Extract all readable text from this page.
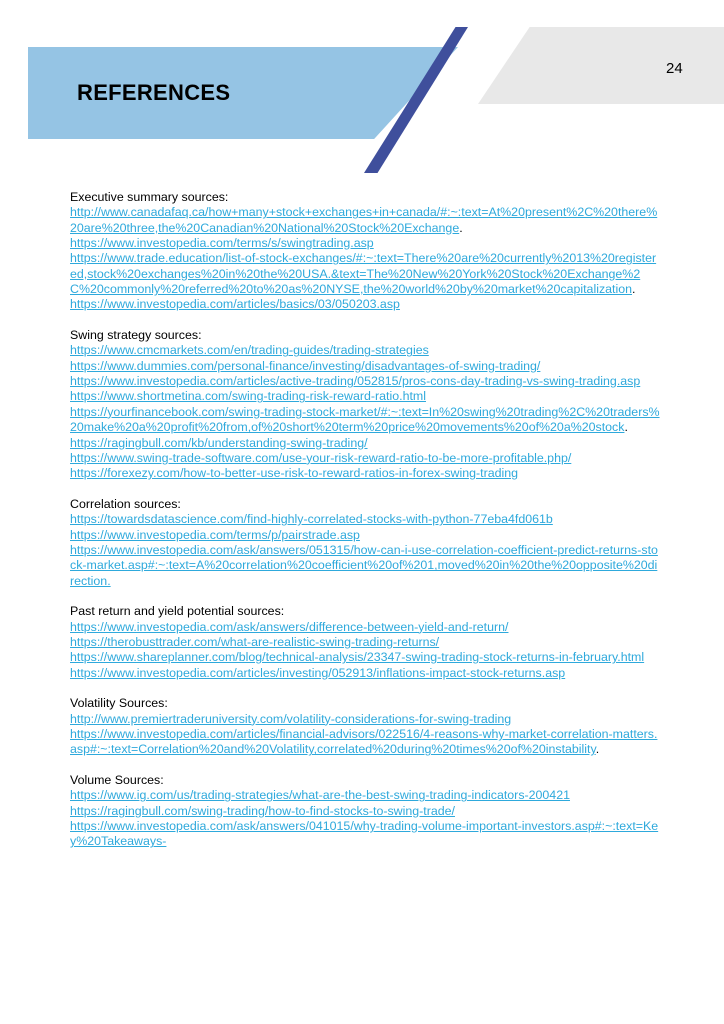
REFERENCES
24
Executive summary sources:
http://www.canadafaq.ca/how+many+stock+exchanges+in+canada/#:~:text=At%20present%2C%20there%20are%20three,the%20Canadian%20National%20Stock%20Exchange.
https://www.investopedia.com/terms/s/swingtrading.asp
https://www.trade.education/list-of-stock-exchanges/#:~:text=There%20are%20currently%2013%20registered,stock%20exchanges%20in%20the%20USA.&text=The%20New%20York%20Stock%20Exchange%2C%20commonly%20referred%20to%20as%20NYSE,the%20world%20by%20market%20capitalization.
https://www.investopedia.com/articles/basics/03/050203.asp
Swing strategy sources:
https://www.cmcmarkets.com/en/trading-guides/trading-strategies
https://www.dummies.com/personal-finance/investing/disadvantages-of-swing-trading/
https://www.investopedia.com/articles/active-trading/052815/pros-cons-day-trading-vs-swing-trading.asp
https://www.shortmetina.com/swing-trading-risk-reward-ratio.html
https://yourfinancebook.com/swing-trading-stock-market/#:~:text=In%20swing%20trading%2C%20traders%20make%20a%20profit%20from,of%20short%20term%20price%20movements%20of%20a%20stock.
https://ragingbull.com/kb/understanding-swing-trading/
https://www.swing-trade-software.com/use-your-risk-reward-ratio-to-be-more-profitable.php/
https://forexezy.com/how-to-better-use-risk-to-reward-ratios-in-forex-swing-trading
Correlation sources:
https://towardsdatascience.com/find-highly-correlated-stocks-with-python-77eba4fd061b
https://www.investopedia.com/terms/p/pairstrade.asp
https://www.investopedia.com/ask/answers/051315/how-can-i-use-correlation-coefficient-predict-returns-stock-market.asp#:~:text=A%20correlation%20coefficient%20of%201,moved%20in%20the%20opposite%20direction.
Past return and yield potential sources:
https://www.investopedia.com/ask/answers/difference-between-yield-and-return/
https://therobusttrader.com/what-are-realistic-swing-trading-returns/
https://www.shareplanner.com/blog/technical-analysis/23347-swing-trading-stock-returns-in-february.html
https://www.investopedia.com/articles/investing/052913/inflations-impact-stock-returns.asp
Volatility Sources:
http://www.premiertraderuniversity.com/volatility-considerations-for-swing-trading
https://www.investopedia.com/articles/financial-advisors/022516/4-reasons-why-market-correlation-matters.asp#:~:text=Correlation%20and%20Volatility,correlated%20during%20times%20of%20instability.
Volume Sources:
https://www.ig.com/us/trading-strategies/what-are-the-best-swing-trading-indicators-200421
https://ragingbull.com/swing-trading/how-to-find-stocks-to-swing-trade/
https://www.investopedia.com/ask/answers/041015/why-trading-volume-important-investors.asp#:~:text=Key%20Takeaways-
